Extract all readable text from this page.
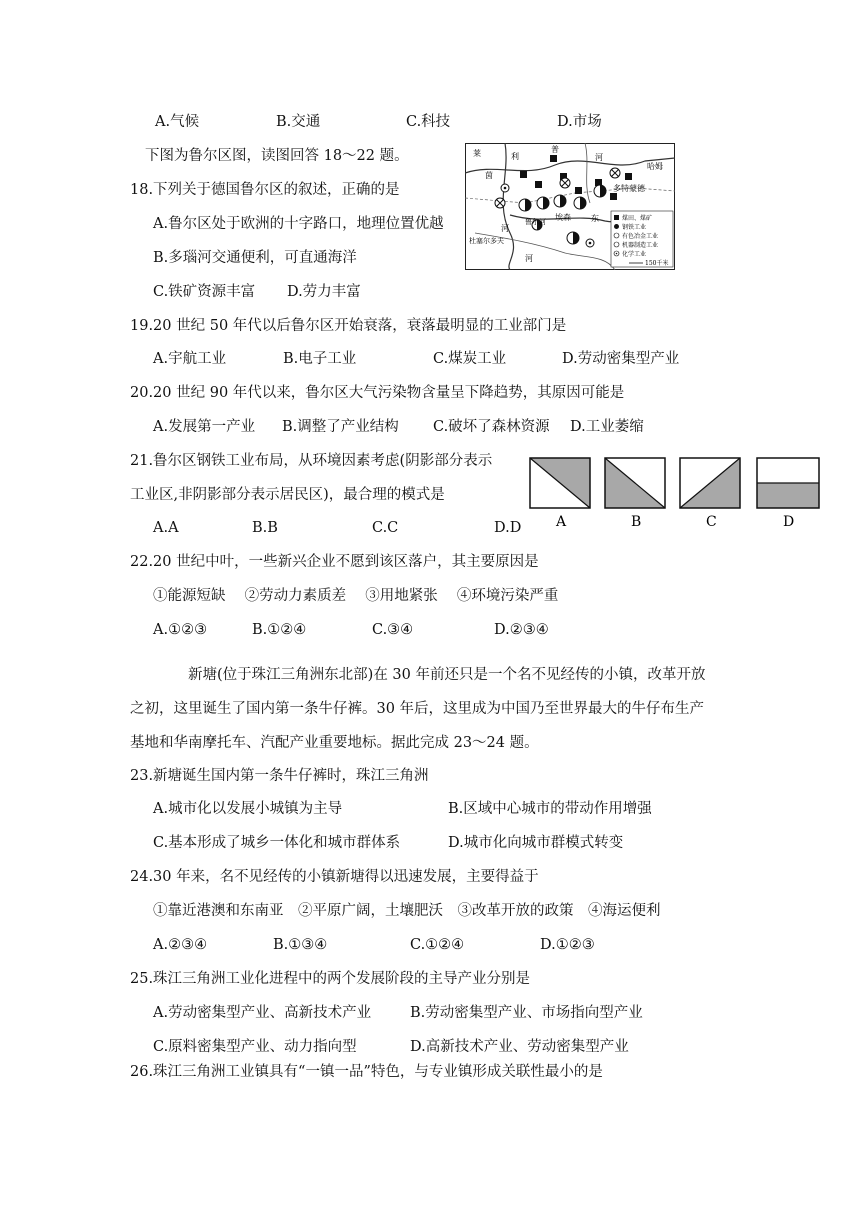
A.气候	B.交通	C.科技	D.市场
下图为鲁尔区图，读图回答 18～22 题。	莱	利
普
河
哈姆
茵
多特蒙德
埃森	东
河
鲁尔河
杜塞尔多夫
河
煤田、煤矿
钢铁工业
有色冶金工业
机器制造工业
化学工业
150千米
18.下列关于德国鲁尔区的叙述，正确的是
A.鲁尔区处于欧洲的十字路口，地理位置优越
B.多瑙河交通便利，可直通海洋
C.铁矿资源丰富 D.劳力丰富
19.20 世纪 50 年代以后鲁尔区开始衰落，衰落最明显的工业部门是
A.宇航工业	B.电子工业	C.煤炭工业	D.劳动密集型产业
20.20 世纪 90 年代以来，鲁尔区大气污染物含量呈下降趋势，其原因可能是
A.发展第一产业 B.调整了产业结构 C.破坏了森林资源 D.工业萎缩
21.鲁尔区钢铁工业布局，从环境因素考虑(阴影部分表示
工业区,非阴影部分表示居民区)，最合理的模式是
A.A	B.B	C.C	D.D A	B	C	D
22.20 世纪中叶，一些新兴企业不愿到该区落户，其主要原因是
①能源短缺　 ②劳动力素质差　 ③用地紧张　 ④环境污染严重
A.①②③	B.①②④	C.③④	D.②③④
新塘(位于珠江三角洲东北部)在 30 年前还只是一个名不见经传的小镇，改革开放
之初，这里诞生了国内第一条牛仔裤。30 年后，这里成为中国乃至世界最大的牛仔布生产
基地和华南摩托车、汽配产业重要地标。据此完成 23～24 题。
23.新塘诞生国内第一条牛仔裤时，珠江三角洲
A.城市化以发展小城镇为主导	B.区域中心城市的带动作用增强
C.基本形成了城乡一体化和城市群体系	D.城市化向城市群模式转变
24.30 年来，名不见经传的小镇新塘得以迅速发展，主要得益于
①靠近港澳和东南亚　②平原广阔，土壤肥沃　③改革开放的政策　④海运便利
A.②③④	B.①③④	C.①②④	D.①②③
25.珠江三角洲工业化进程中的两个发展阶段的主导产业分别是
A.劳动密集型产业、高新技术产业	B.劳动密集型产业、市场指向型产业
C.原料密集型产业、动力指向型	D.高新技术产业、劳动密集型产业
26.珠江三角洲工业镇具有“一镇一品”特色，与专业镇形成关联性最小的是
